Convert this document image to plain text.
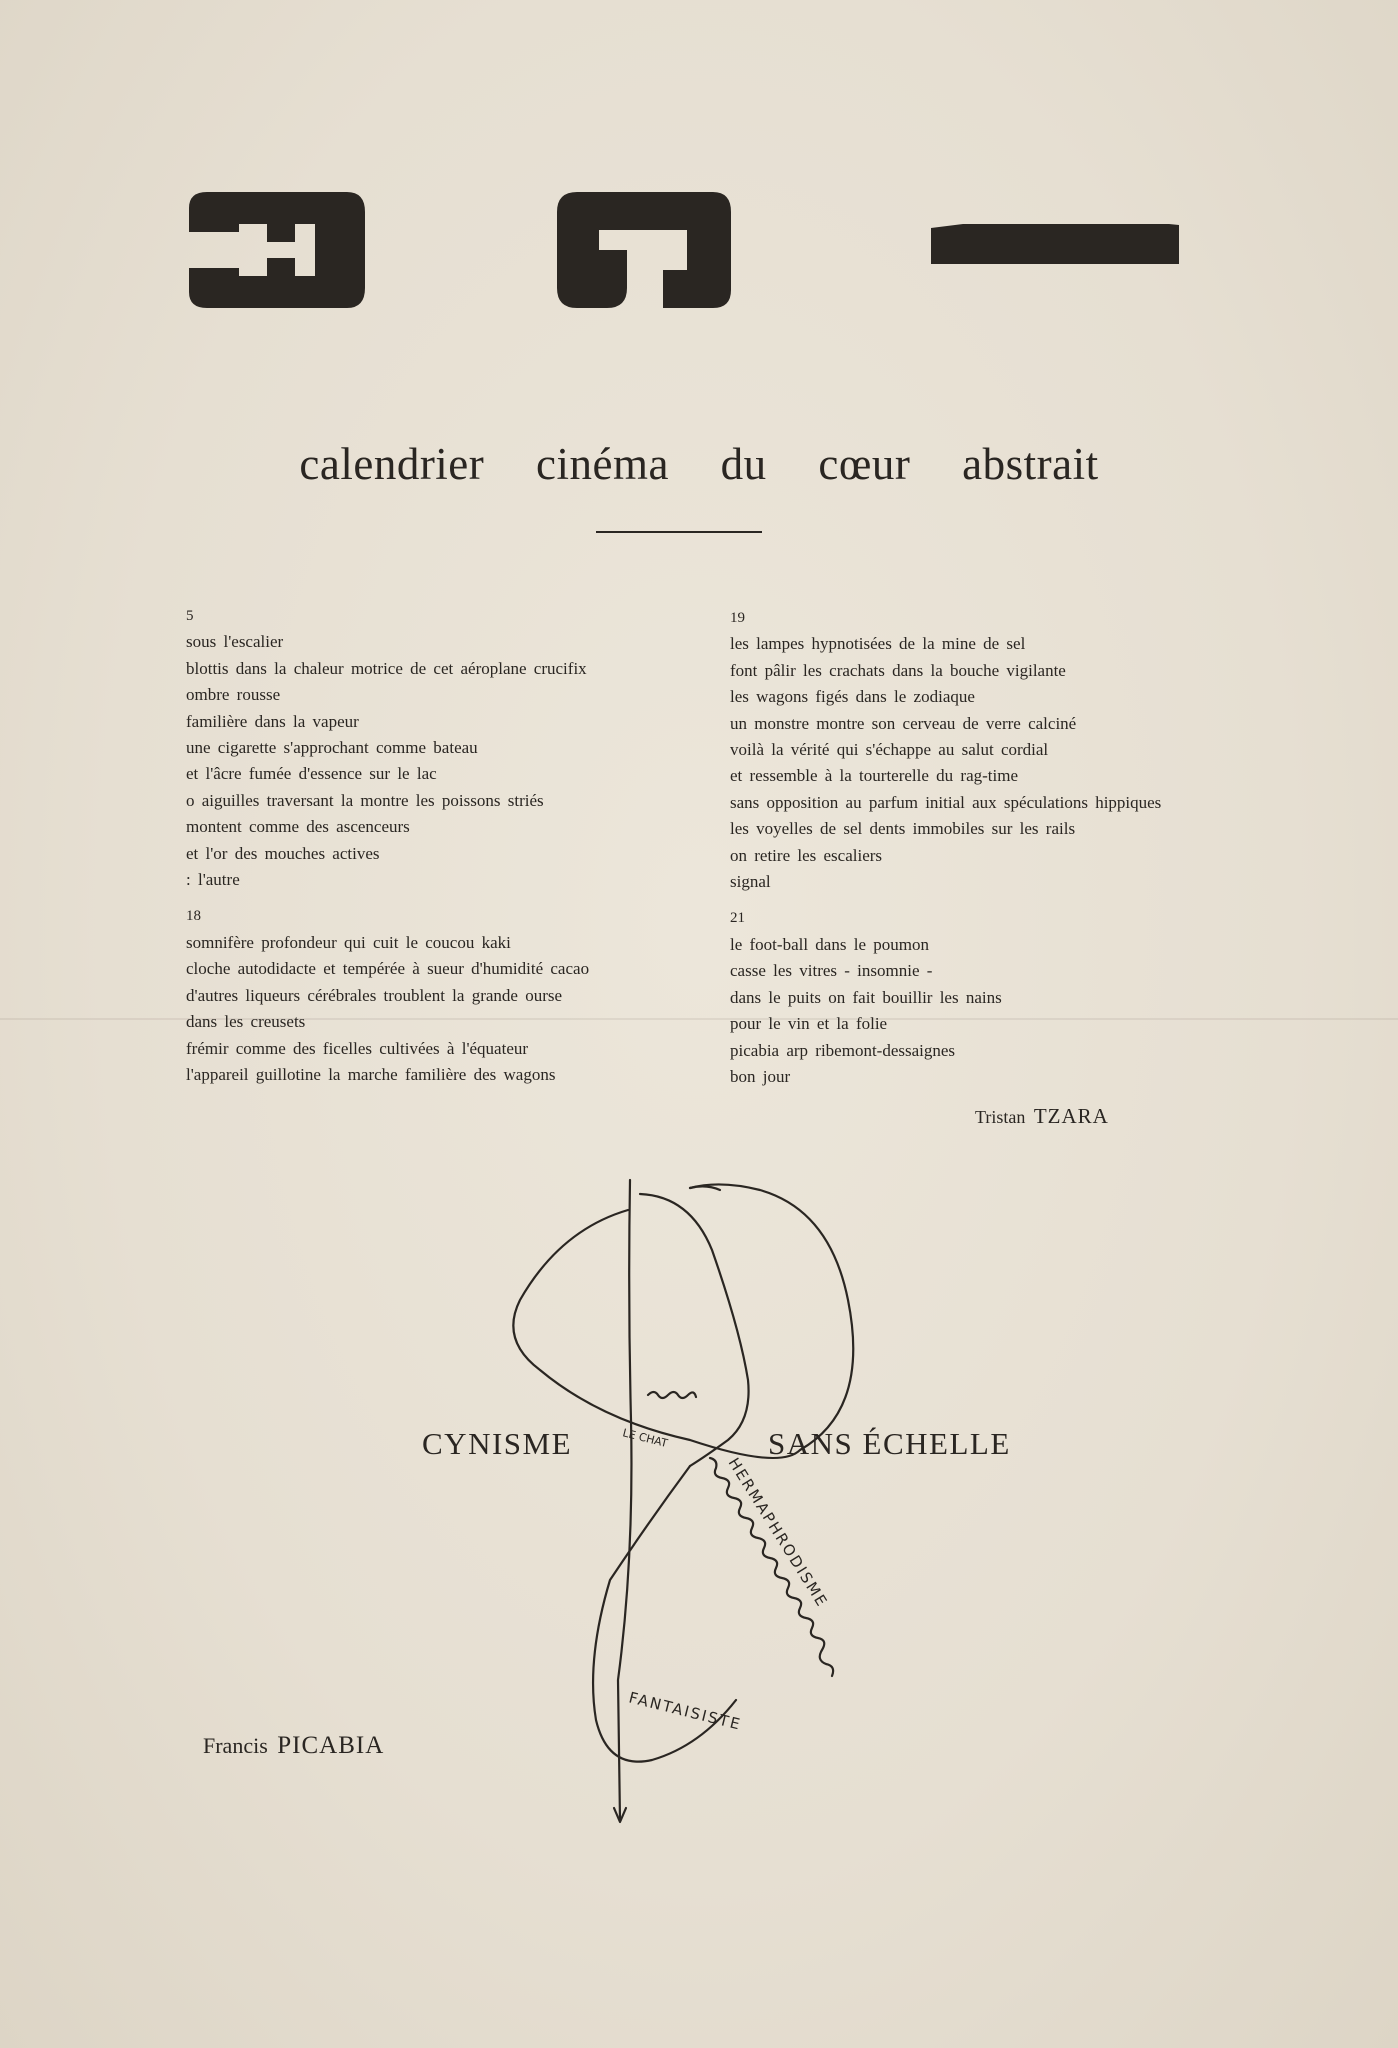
calendrier cinéma du cœur abstrait
5
sous l'escalier
blottis dans la chaleur motrice de cet aéroplane crucifix
ombre rousse
familière dans la vapeur
une cigarette s'approchant comme bateau
et l'âcre fumée d'essence sur le lac
o aiguilles traversant la montre les poissons striés
montent comme des ascenceurs
et l'or des mouches actives
: l'autre
18
somnifère profondeur qui cuit le coucou kaki
cloche autodidacte et tempérée à sueur d'humidité cacao
d'autres liqueurs cérébrales troublent la grande ourse
dans les creusets
frémir comme des ficelles cultivées à l'équateur
l'appareil guillotine la marche familière des wagons
19
les lampes hypnotisées de la mine de sel
font pâlir les crachats dans la bouche vigilante
les wagons figés dans le zodiaque
un monstre montre son cerveau de verre calciné
voilà la vérité qui s'échappe au salut cordial
et ressemble à la tourterelle du rag-time
sans opposition au parfum initial aux spéculations hippiques
les voyelles de sel dents immobiles sur les rails
on retire les escaliers
signal
21
le foot-ball dans le poumon
casse les vitres - insomnie -
dans le puits on fait bouillir les nains
pour le vin et la folie
picabia arp ribemont-dessaignes
bon jour
Tristan TZARA
LE CHAT
HERMAPHRODISME
FANTAISISTE
CYNISME	SANS ÉCHELLE
Francis PICABIA
